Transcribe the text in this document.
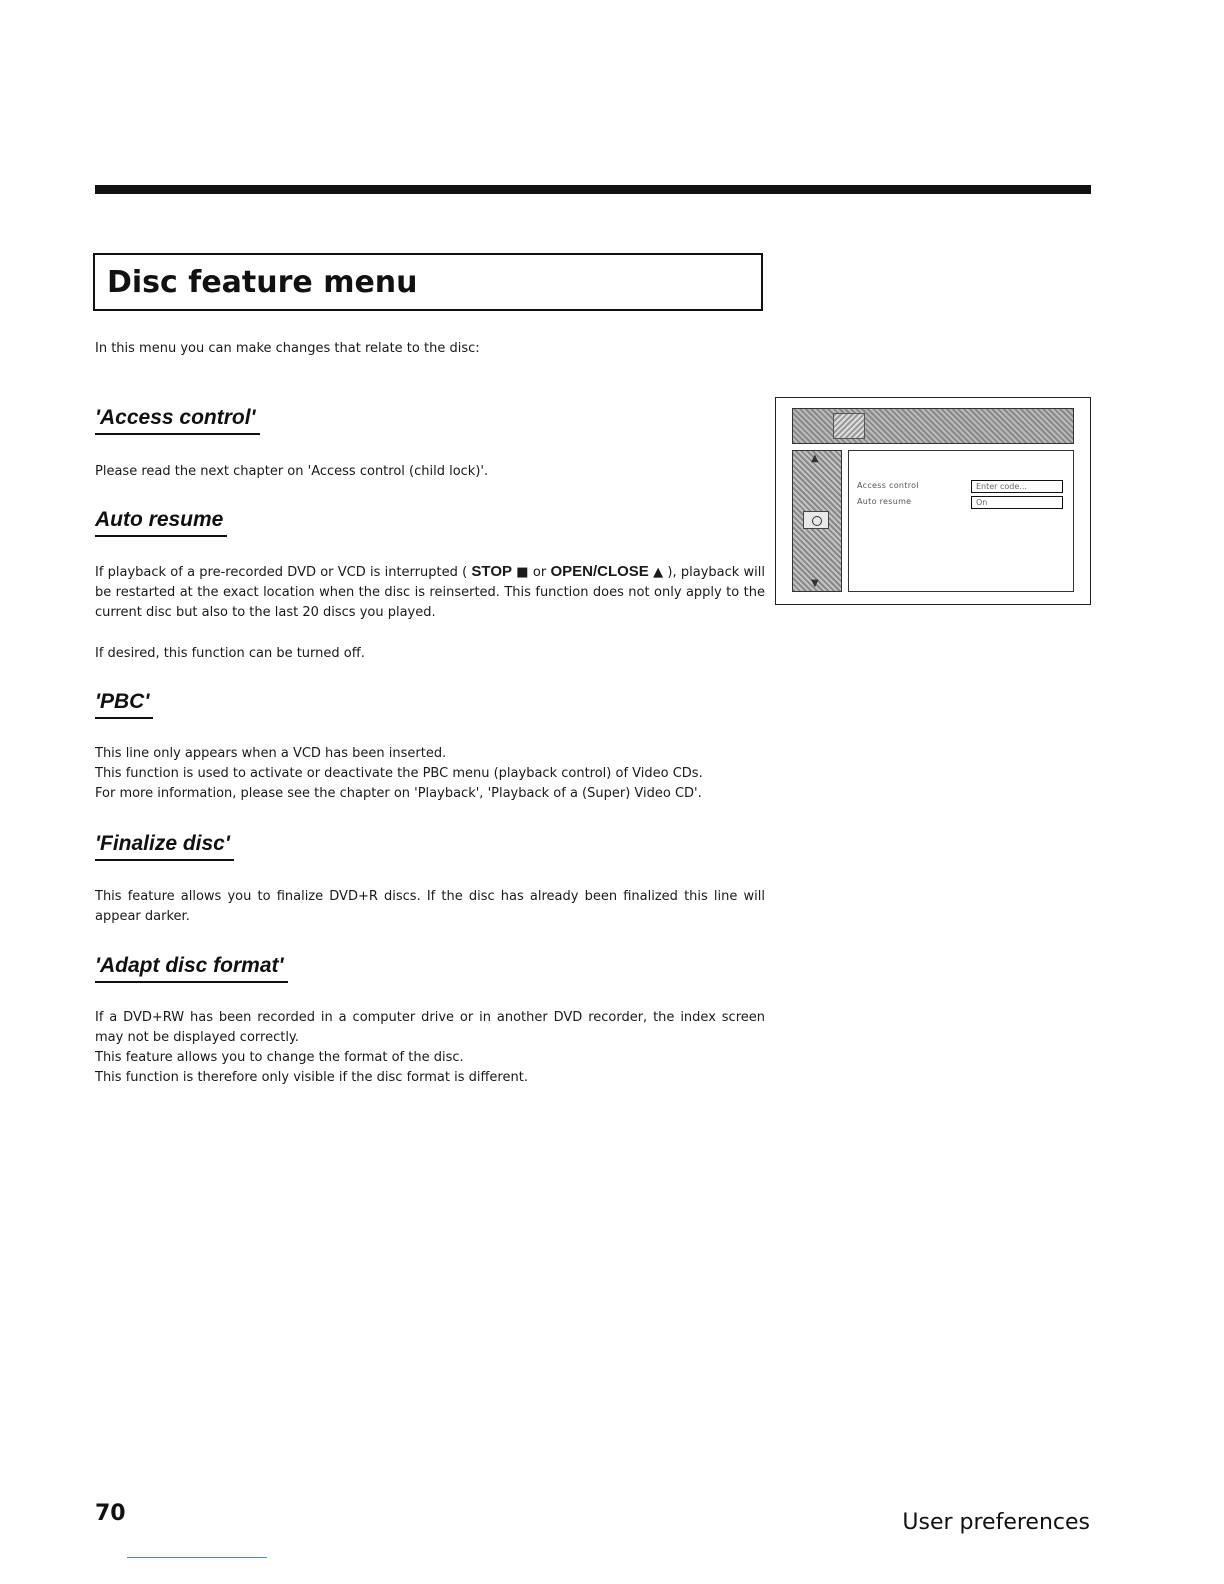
Disc feature menu
In this menu you can make changes that relate to the disc:
'Access control'

Please read the next chapter on 'Access control (child lock)'.

Auto resume

If playback of a pre-recorded DVD or VCD is interrupted ( STOP ■ or OPEN/CLOSE ▲ ), playback will be restarted at the exact location when the disc is reinserted. This function does not only apply to the current disc but also to the last 20 discs you played.

If desired, this function can be turned off.

'PBC'

This line only appears when a VCD has been inserted.

This function is used to activate or deactivate the PBC menu (playback control) of Video CDs.

For more information, please see the chapter on 'Playback', 'Playback of a (Super) Video CD'.

'Finalize disc'

This feature allows you to finalize DVD+R discs. If the disc has already been finalized this line will appear darker.

'Adapt disc format'

If a DVD+RW has been recorded in a computer drive or in another DVD recorder, the index screen may not be displayed correctly.

This feature allows you to change the format of the disc.

This function is therefore only visible if the disc format is different.

▲
▼
Access control	Enter code...
Auto resume	On
70	User preferences
